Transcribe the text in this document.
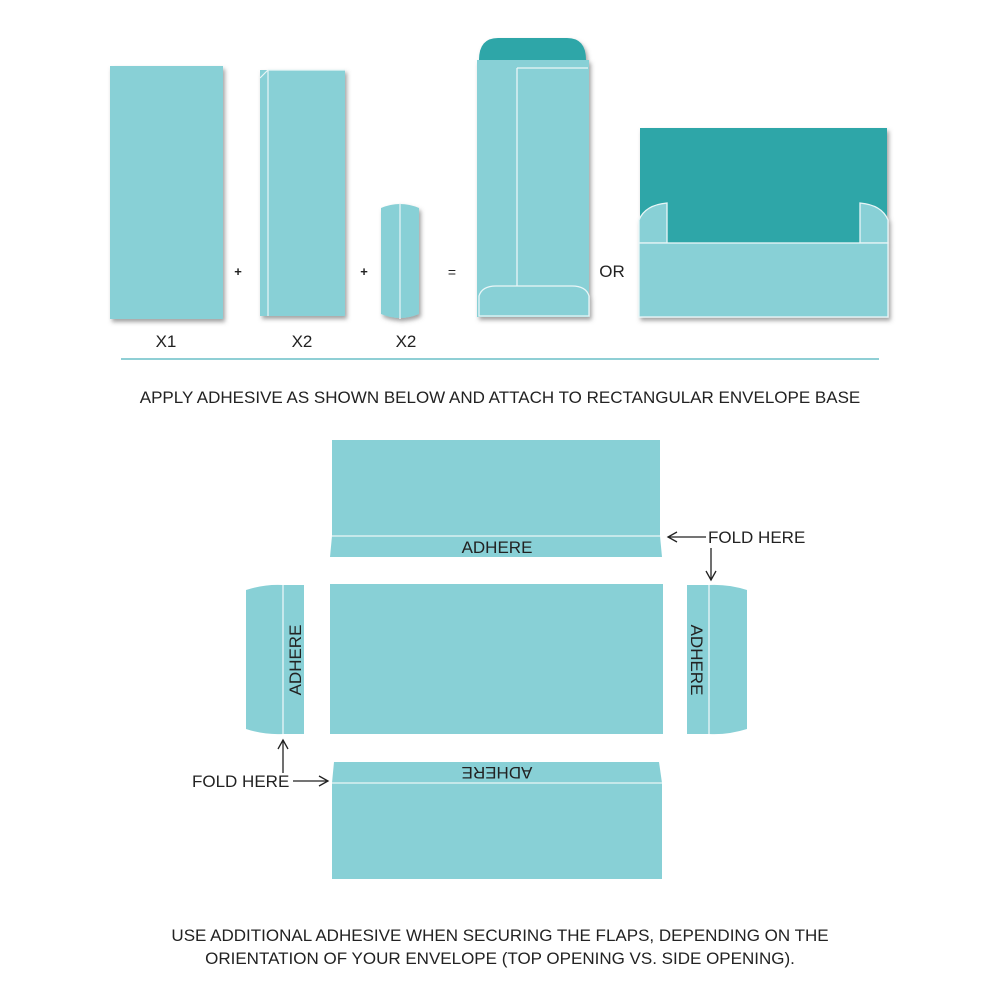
X1	X2	X2
+	+	=	OR
APPLY ADHESIVE AS SHOWN BELOW AND ATTACH TO RECTANGULAR ENVELOPE BASE
ADHERE
ADHERE	ADHERE
ADHERE
FOLD HERE
FOLD HERE
USE ADDITIONAL ADHESIVE WHEN SECURING THE FLAPS, DEPENDING ON THE
ORIENTATION OF YOUR ENVELOPE (TOP OPENING VS. SIDE OPENING).
